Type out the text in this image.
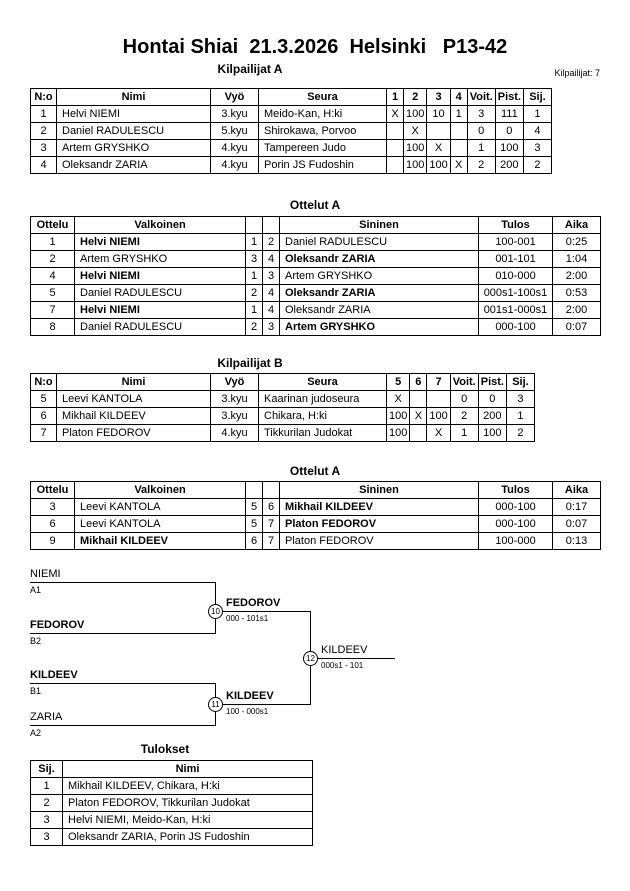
Hontai Shiai  21.3.2026  Helsinki   P13-42
Kilpailijat: 7
Kilpailijat A
N:o	Nimi	Vyö	Seura	1	2	3	4	Voit.	Pist.	Sij.
1	Helvi NIEMI	3.kyu	Meido-Kan, H:ki	X	100	10	1	3	111	1
2	Daniel RADULESCU	5.kyu	Shirokawa, Porvoo		X			0	0	4
3	Artem GRYSHKO	4.kyu	Tampereen Judo		100	X		1	100	3
4	Oleksandr ZARIA	4.kyu	Porin JS Fudoshin		100	100	X	2	200	2
Ottelut A
Ottelu	Valkoinen			Sininen	Tulos	Aika
1	Helvi NIEMI	1	2	Daniel RADULESCU	100-001	0:25
2	Artem GRYSHKO	3	4	Oleksandr ZARIA	001-101	1:04
4	Helvi NIEMI	1	3	Artem GRYSHKO	010-000	2:00
5	Daniel RADULESCU	2	4	Oleksandr ZARIA	000s1-100s1	0:53
7	Helvi NIEMI	1	4	Oleksandr ZARIA	001s1-000s1	2:00
8	Daniel RADULESCU	2	3	Artem GRYSHKO	000-100	0:07
Kilpailijat B
N:o	Nimi	Vyö	Seura	5	6	7	Voit.	Pist.	Sij.
5	Leevi KANTOLA	3.kyu	Kaarinan judoseura	X			0	0	3
6	Mikhail KILDEEV	3.kyu	Chikara, H:ki	100	X	100	2	200	1
7	Platon FEDOROV	4.kyu	Tikkurilan Judokat	100		X	1	100	2
Ottelut A
Ottelu	Valkoinen			Sininen	Tulos	Aika
3	Leevi KANTOLA	5	6	Mikhail KILDEEV	000-100	0:17
6	Leevi KANTOLA	5	7	Platon FEDOROV	000-100	0:07
9	Mikhail KILDEEV	6	7	Platon FEDOROV	100-000	0:13
NIEMI
A1
FEDOROV
B2
FEDOROV
000 - 101s1
10
KILDEEV
B1
ZARIA
A2
KILDEEV
100 - 000s1
11
KILDEEV
000s1 - 101
12
Tulokset
Sij.	Nimi
1	Mikhail KILDEEV, Chikara, H:ki
2	Platon FEDOROV, Tikkurilan Judokat
3	Helvi NIEMI, Meido-Kan, H:ki
3	Oleksandr ZARIA, Porin JS Fudoshin
